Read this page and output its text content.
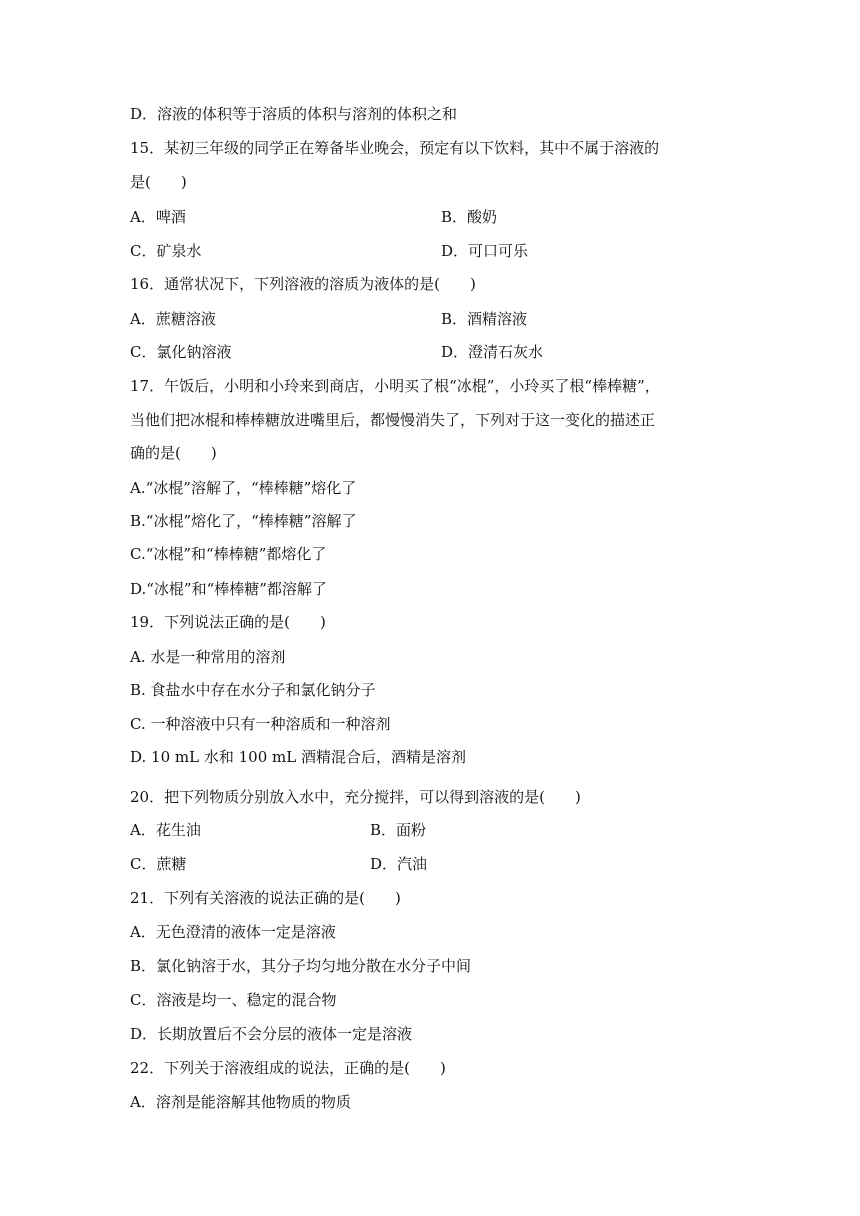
D．溶液的体积等于溶质的体积与溶剂的体积之和
15．某初三年级的同学正在筹备毕业晚会，预定有以下饮料，其中不属于溶液的
是(　　)
A．啤酒	B．酸奶
C．矿泉水	D．可口可乐
16．通常状况下，下列溶液的溶质为液体的是(　　)
A．蔗糖溶液	B．酒精溶液
C．氯化钠溶液	D．澄清石灰水
17．午饭后，小明和小玲来到商店，小明买了根“冰棍”，小玲买了根“棒棒糖”，
当他们把冰棍和棒棒糖放进嘴里后，都慢慢消失了，下列对于这一变化的描述正
确的是(　　)
A.“冰棍”溶解了，“棒棒糖”熔化了
B.“冰棍”熔化了，“棒棒糖”溶解了
C.“冰棍”和“棒棒糖”都熔化了
D.“冰棍”和“棒棒糖”都溶解了
19．下列说法正确的是(　　)
A. 水是一种常用的溶剂
B. 食盐水中存在水分子和氯化钠分子
C. 一种溶液中只有一种溶质和一种溶剂
D. 10 mL 水和 100 mL 酒精混合后，酒精是溶剂
20．把下列物质分别放入水中，充分搅拌，可以得到溶液的是(　　)
A．花生油	B．面粉
C．蔗糖	D．汽油
21．下列有关溶液的说法正确的是(　　)
A．无色澄清的液体一定是溶液
B．氯化钠溶于水，其分子均匀地分散在水分子中间
C．溶液是均一、稳定的混合物
D．长期放置后不会分层的液体一定是溶液
22．下列关于溶液组成的说法，正确的是(　　)
A．溶剂是能溶解其他物质的物质
